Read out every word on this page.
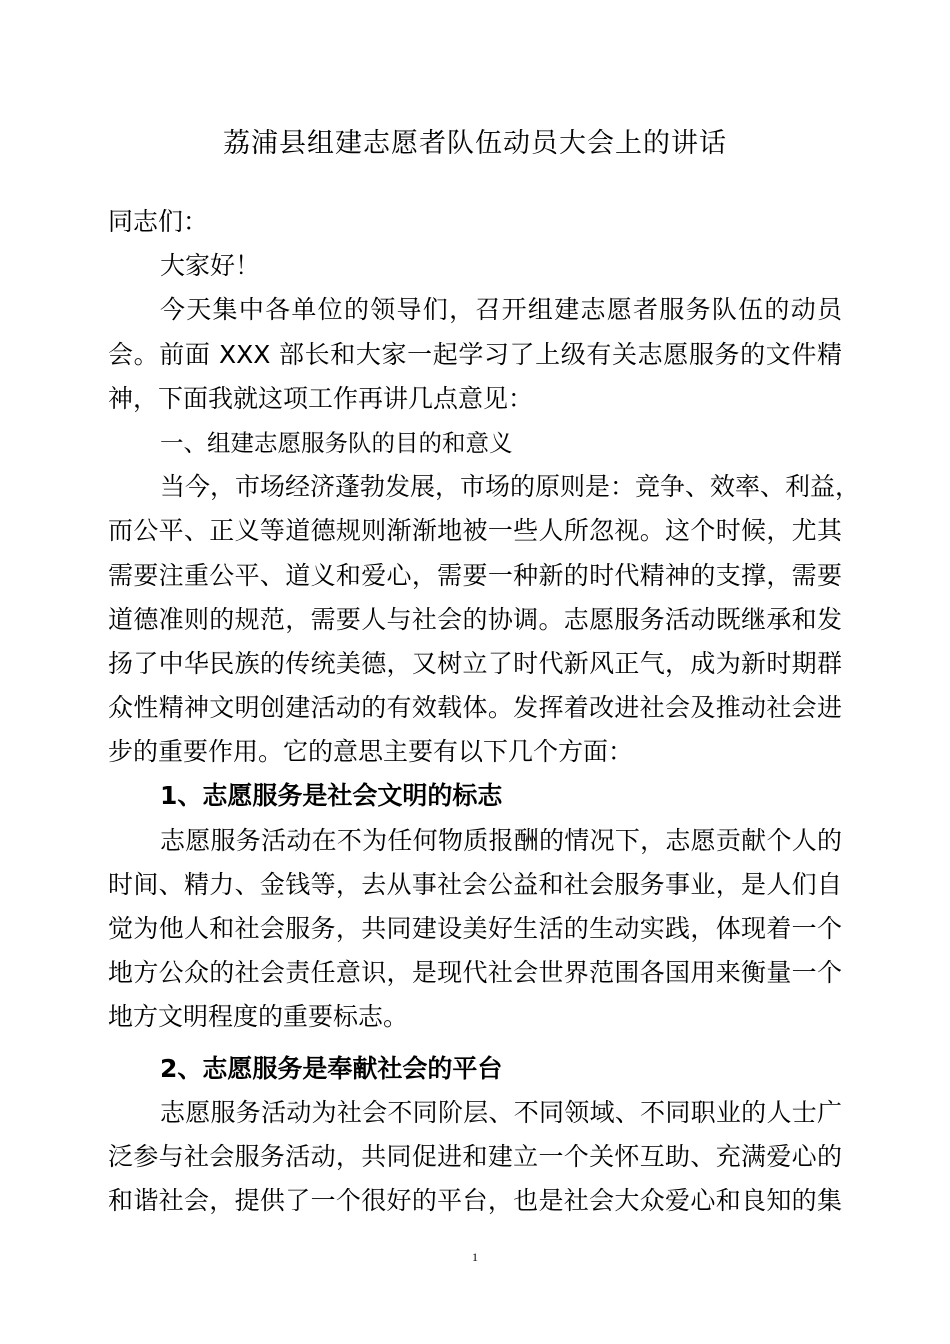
荔浦县组建志愿者队伍动员大会上的讲话
同志们：
大家好！
今天集中各单位的领导们，召开组建志愿者服务队伍的动员
会。前面 XXX 部长和大家一起学习了上级有关志愿服务的文件精
神，下面我就这项工作再讲几点意见：
一、组建志愿服务队的目的和意义
当今，市场经济蓬勃发展，市场的原则是：竞争、效率、利益，
而公平、正义等道德规则渐渐地被一些人所忽视。这个时候，尤其
需要注重公平、道义和爱心，需要一种新的时代精神的支撑，需要
道德准则的规范，需要人与社会的协调。志愿服务活动既继承和发
扬了中华民族的传统美德，又树立了时代新风正气，成为新时期群
众性精神文明创建活动的有效载体。发挥着改进社会及推动社会进
步的重要作用。它的意思主要有以下几个方面：
1、志愿服务是社会文明的标志
志愿服务活动在不为任何物质报酬的情况下，志愿贡献个人的
时间、精力、金钱等，去从事社会公益和社会服务事业，是人们自
觉为他人和社会服务，共同建设美好生活的生动实践，体现着一个
地方公众的社会责任意识，是现代社会世界范围各国用来衡量一个
地方文明程度的重要标志。
2、志愿服务是奉献社会的平台
志愿服务活动为社会不同阶层、不同领域、不同职业的人士广
泛参与社会服务活动，共同促进和建立一个关怀互助、充满爱心的
和谐社会，提供了一个很好的平台，也是社会大众爱心和良知的集
1
